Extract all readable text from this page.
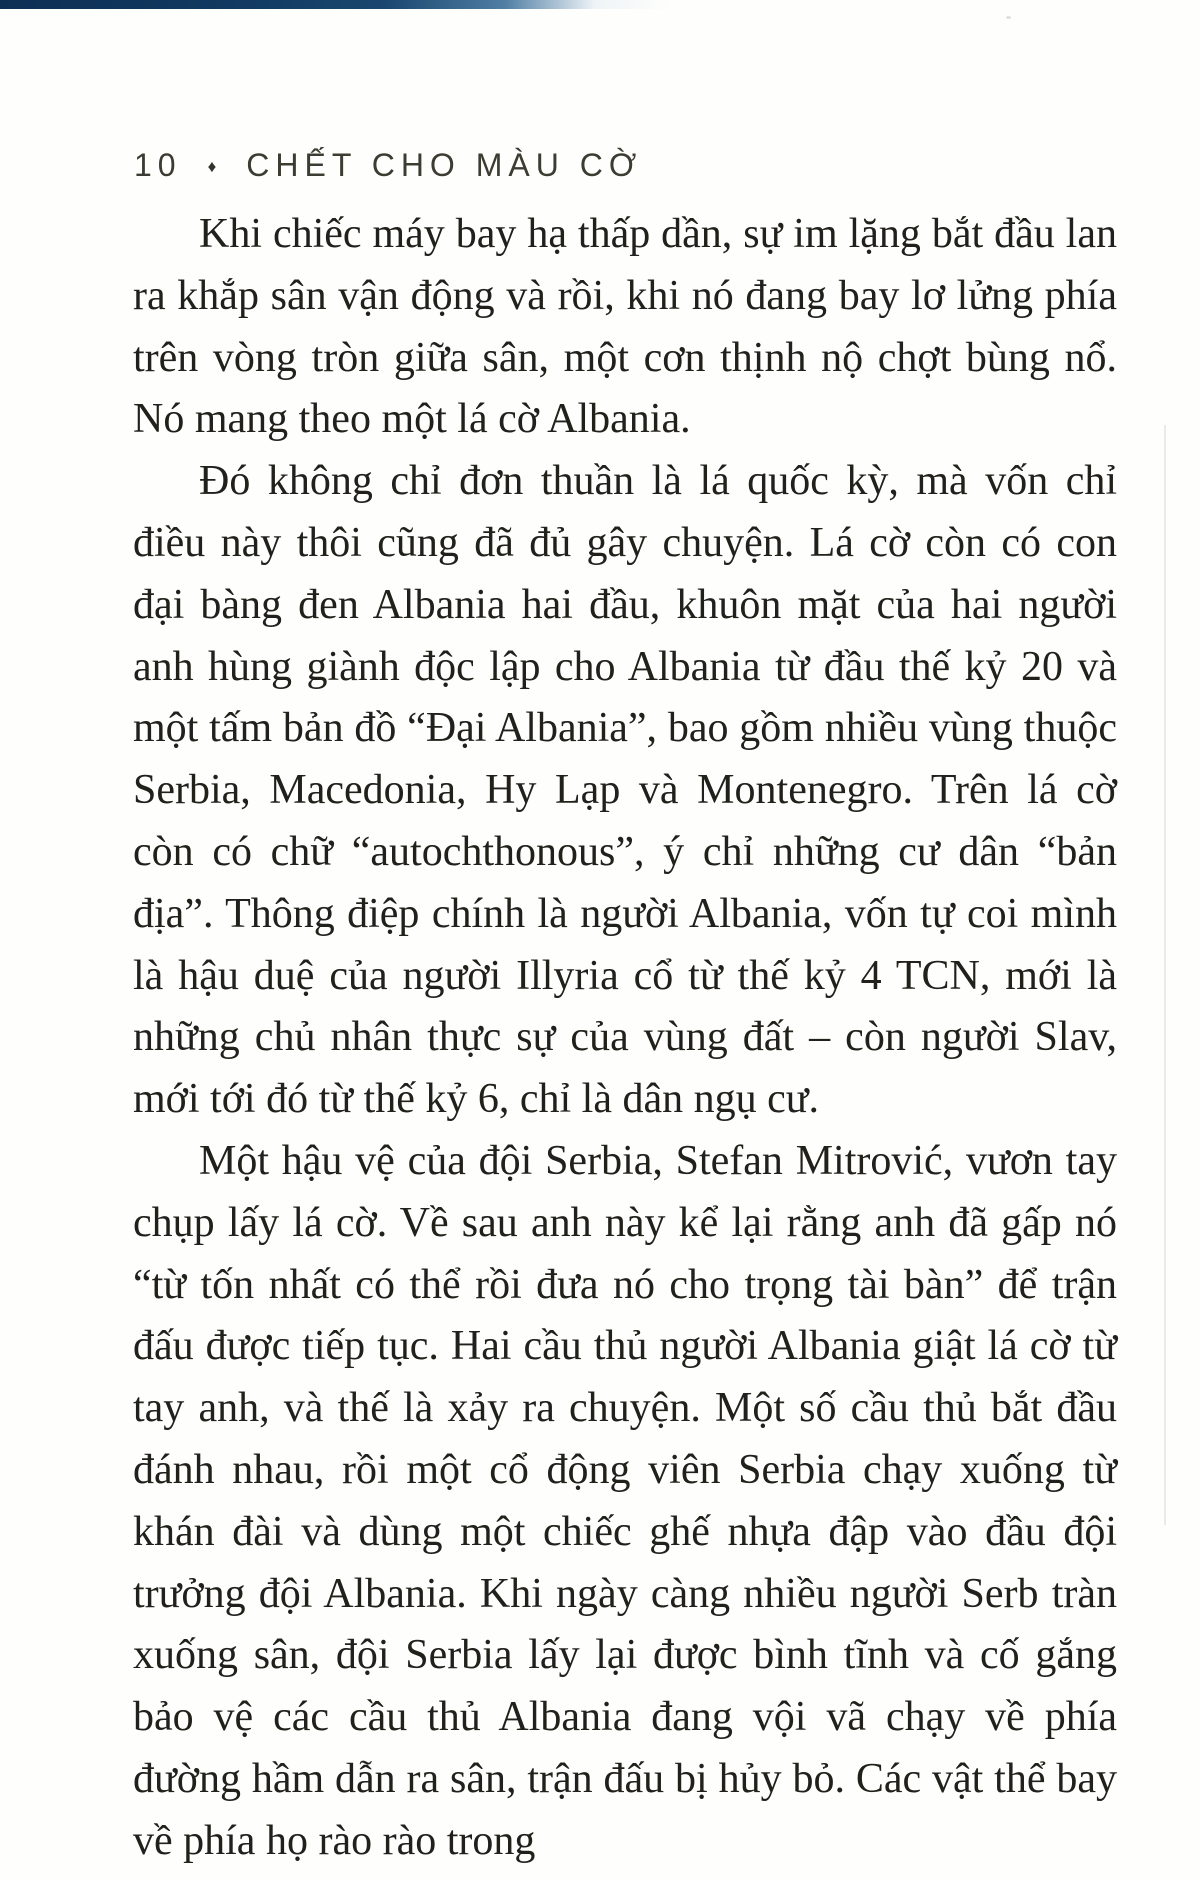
10 ♦ CHẾT CHO MÀU CỜ

Khi chiếc máy bay hạ thấp dần, sự im lặng bắt đầu lan ra khắp sân vận động và rồi, khi nó đang bay lơ lửng phía trên vòng tròn giữa sân, một cơn thịnh nộ chợt bùng nổ. Nó mang theo một lá cờ Albania.

Đó không chỉ đơn thuần là lá quốc kỳ, mà vốn chỉ điều này thôi cũng đã đủ gây chuyện. Lá cờ còn có con đại bàng đen Albania hai đầu, khuôn mặt của hai người anh hùng giành độc lập cho Albania từ đầu thế kỷ 20 và một tấm bản đồ “Đại Albania”, bao gồm nhiều vùng thuộc Serbia, Macedonia, Hy Lạp và Montenegro. Trên lá cờ còn có chữ “autochthonous”, ý chỉ những cư dân “bản địa”. Thông điệp chính là người Albania, vốn tự coi mình là hậu duệ của người Illyria cổ từ thế kỷ 4 TCN, mới là những chủ nhân thực sự của vùng đất – còn người Slav, mới tới đó từ thế kỷ 6, chỉ là dân ngụ cư.

Một hậu vệ của đội Serbia, Stefan Mitrović, vươn tay chụp lấy lá cờ. Về sau anh này kể lại rằng anh đã gấp nó “từ tốn nhất có thể rồi đưa nó cho trọng tài bàn” để trận đấu được tiếp tục. Hai cầu thủ người Albania giật lá cờ từ tay anh, và thế là xảy ra chuyện. Một số cầu thủ bắt đầu đánh nhau, rồi một cổ động viên Serbia chạy xuống từ khán đài và dùng một chiếc ghế nhựa đập vào đầu đội trưởng đội Albania. Khi ngày càng nhiều người Serb tràn xuống sân, đội Serbia lấy lại được bình tĩnh và cố gắng bảo vệ các cầu thủ Albania đang vội vã chạy về phía đường hầm dẫn ra sân, trận đấu bị hủy bỏ. Các vật thể bay về phía họ rào rào trong
